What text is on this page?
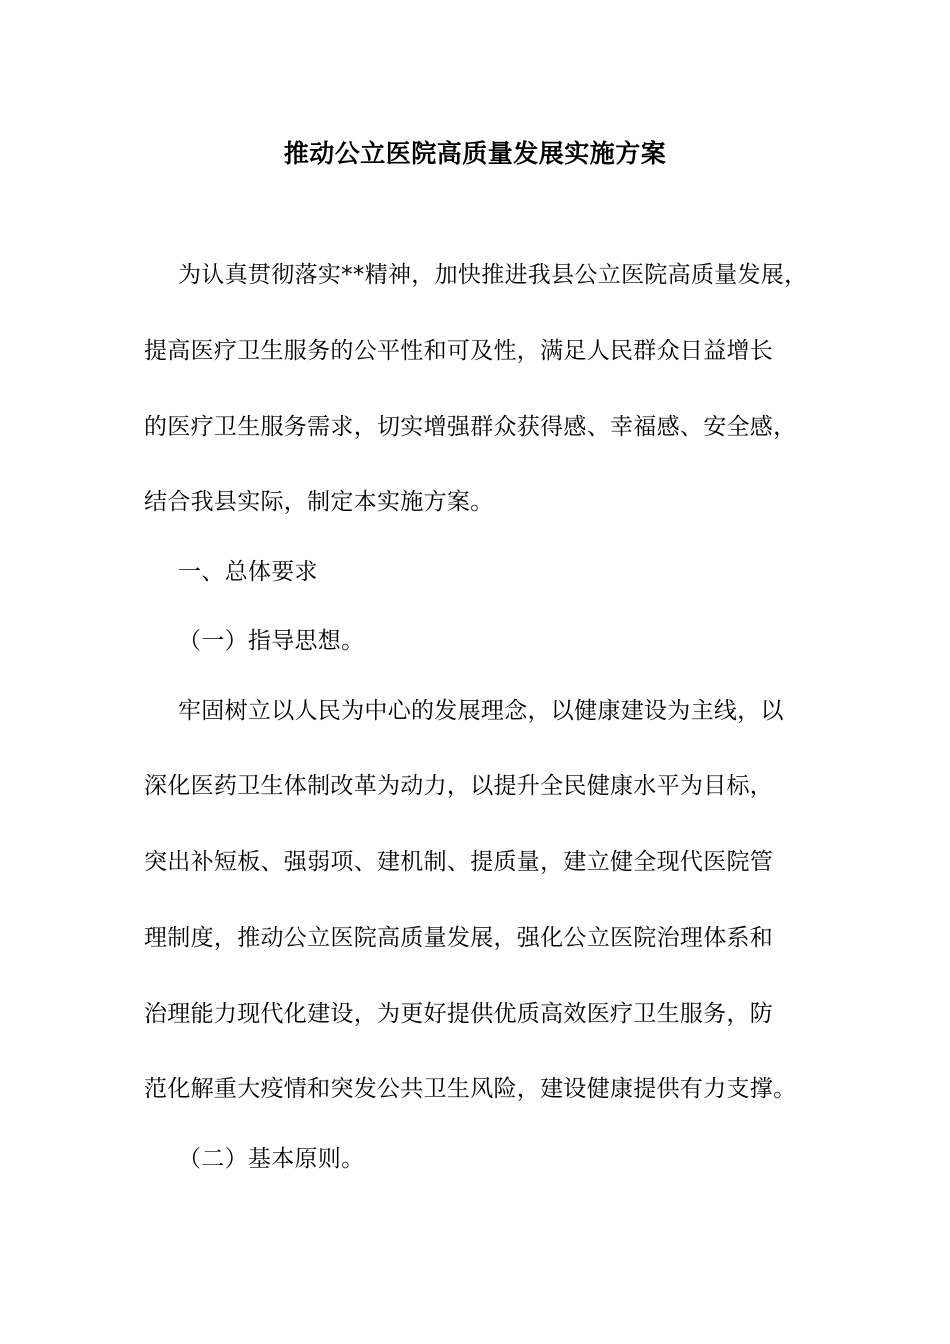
推动公立医院高质量发展实施方案
为认真贯彻落实**精神，加快推进我县公立医院高质量发展，
提高医疗卫生服务的公平性和可及性，满足人民群众日益增长
的医疗卫生服务需求，切实增强群众获得感、幸福感、安全感，
结合我县实际，制定本实施方案。
一、总体要求
（一）指导思想。
牢固树立以人民为中心的发展理念，以健康建设为主线，以
深化医药卫生体制改革为动力，以提升全民健康水平为目标，
突出补短板、强弱项、建机制、提质量，建立健全现代医院管
理制度，推动公立医院高质量发展，强化公立医院治理体系和
治理能力现代化建设，为更好提供优质高效医疗卫生服务，防
范化解重大疫情和突发公共卫生风险，建设健康提供有力支撑。
（二）基本原则。
